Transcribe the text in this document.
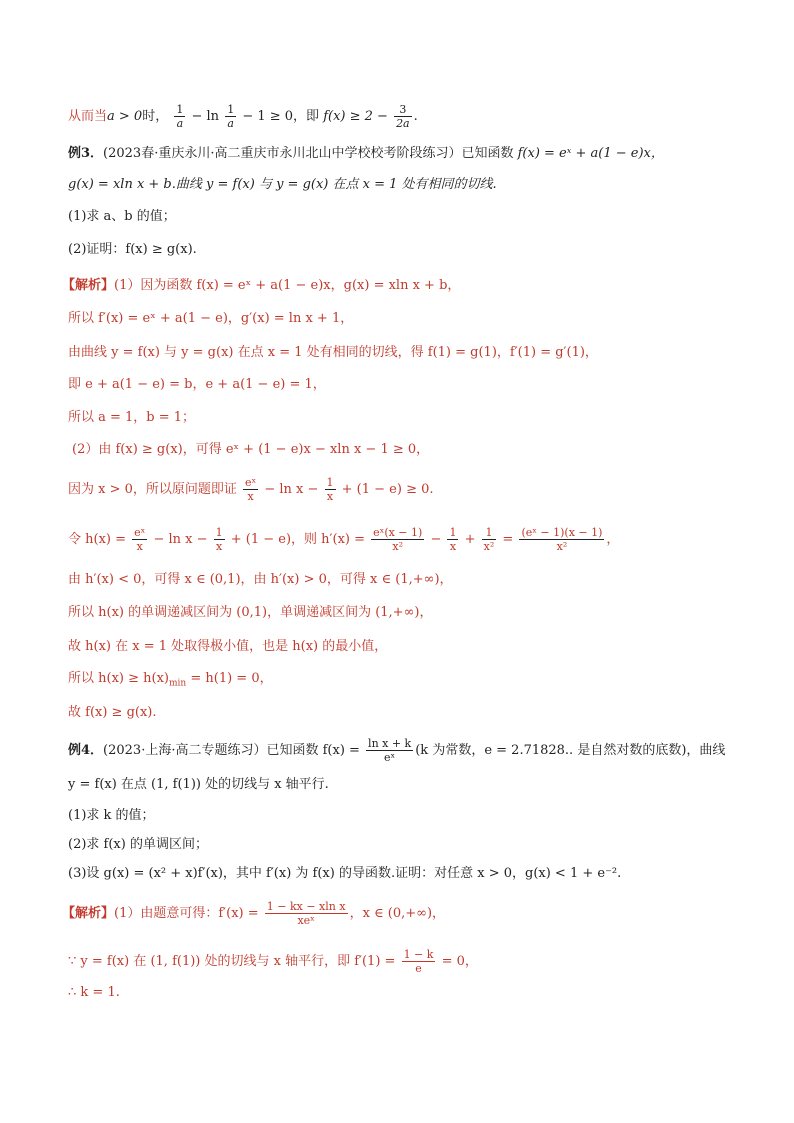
从而当a > 0时， $\frac{1}{a} - \ln \frac{1}{a} - 1 \ge 0$，即 $f(x) \ge 2 - \frac{3}{2a}$ .
例3．(2023春·重庆永川·高二重庆市永川北山中学校校考阶段练习）已知函数 f(x) = eˣ + a(1 − e)x，
g(x) = xln x + b.曲线 y = f(x) 与 y = g(x) 在点 x = 1 处有相同的切线.
(1)求 a、b 的值；
(2)证明：f(x) ≥ g(x).
【解析】(1）因为函数 f(x) = eˣ + a(1 − e)x，g(x) = xln x + b，
所以 f′(x) = eˣ + a(1 − e)，g′(x) = ln x + 1，
由曲线 y = f(x) 与 y = g(x) 在点 x = 1 处有相同的切线，得 f(1) = g(1)，f′(1) = g′(1)，
即 e + a(1 − e) = b，e + a(1 − e) = 1，
所以 a = 1，b = 1；
(2）由 f(x) ≥ g(x)，可得 eˣ + (1 − e)x − xln x − 1 ≥ 0，
因为 x > 0，所以原问题即证 $\frac{\text{eˣ}}{x} - \ln x - \frac{1}{x} + (1 - e) \ge 0$.
令 $h(x) = \frac{\text{eˣ}}{x} - \ln x - \frac{1}{x} + (1 - e)$，则 $h'(x) = \frac{\text{eˣ(x − 1)}}{\text{x²}} - \frac{1}{x} + \frac{1}{\text{x²}} = \frac{\text{(eˣ − 1)(x − 1)}}{\text{x²}}$ ，
由 h′(x) < 0，可得 x ∈ (0,1)，由 h′(x) > 0，可得 x ∈ (1,+∞)，
所以 h(x) 的单调递减区间为 (0,1)，单调递减区间为 (1,+∞)，
故 h(x) 在 x = 1 处取得极小值，也是 h(x) 的最小值，
所以 $h(x) \ge h(x)_{min} = h(1) = 0$，
故 f(x) ≥ g(x).
例4．(2023·上海·高二专题练习）已知函数 $f(x) = \frac{\text{ln x + k}}{\text{eˣ}} (k$ 为常数，e = 2.71828.. 是自然对数的底数)，曲线
y = f(x) 在点 (1, f(1)) 处的切线与 x 轴平行.
(1)求 k 的值；
(2)求 f(x) 的单调区间；
(3)设 g(x) = (x² + x)f′(x)，其中 f′(x) 为 f(x) 的导函数.证明：对任意 x > 0，g(x) < 1 + e⁻².
【解析】(1）由题意可得：$f'(x) = \frac{\text{1 − kx − xln x}}{\text{xeˣ}}$ ，x ∈ (0,+∞)，
∵ y = f(x) 在 (1, f(1)) 处的切线与 x 轴平行，即 $f'(1) = \frac{1 - k}{e} = 0$，
∴ k = 1.
